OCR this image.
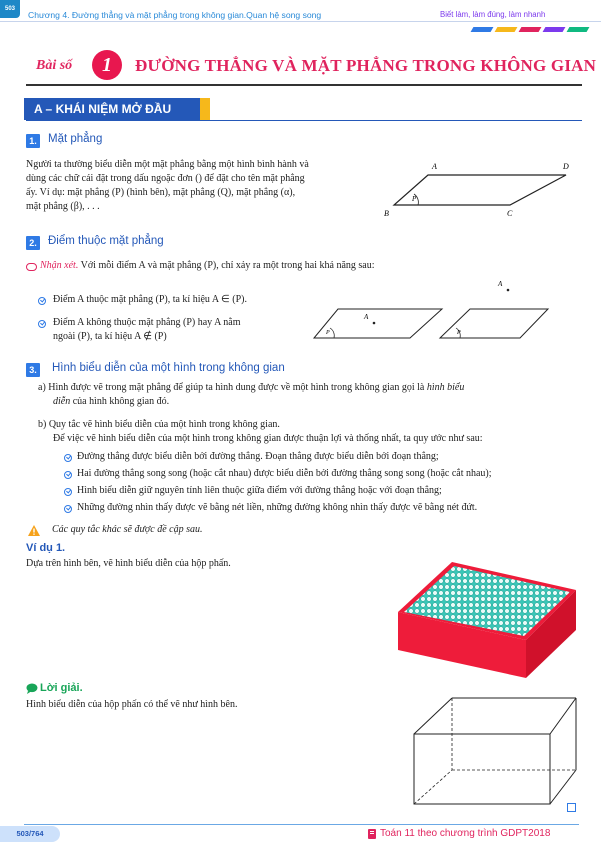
503
Chương 4. Đường thẳng và mặt phẳng trong không gian.Quan hệ song song	Biết làm, làm đúng, làm nhanh
Bài số	1	ĐƯỜNG THẲNG VÀ MẶT PHẲNG TRONG KHÔNG GIAN
A – KHÁI NIỆM MỞ ĐẦU
1. Mặt phẳng
Người ta thường biểu diễn một mặt phẳng bằng một hình bình hành và
dùng các chữ cái đặt trong dấu ngoặc đơn () để đặt cho tên mặt phẳng
ấy. Ví dụ: mặt phẳng (P) (hình bên), mặt phẳng (Q), mặt phẳng (α),
mặt phẳng (β), . . .
A	D
B	C
P
2. Điểm thuộc mặt phẳng
Nhận xét. Với mỗi điểm A và mặt phẳng (P), chỉ xảy ra một trong hai khả năng sau:
Điểm A thuộc mặt phẳng (P), ta kí hiệu A ∈ (P).
Điểm A không thuộc mặt phẳng (P) hay A nằm
ngoài (P), ta kí hiệu A ∉ (P)
A
A
P	P
3. Hình biểu diễn của một hình trong không gian
a) Hình được vẽ trong mặt phẳng để giúp ta hình dung được về một hình trong không gian gọi là hình biểu
diễn của hình không gian đó.
b) Quy tắc vẽ hình biểu diễn của một hình trong không gian.
Để việc vẽ hình biểu diễn của một hình trong không gian được thuận lợi và thống nhất, ta quy ước như sau:
Đường thẳng được biểu diễn bởi đường thẳng. Đoạn thẳng được biểu diễn bởi đoạn thẳng;
Hai đường thẳng song song (hoặc cắt nhau) được biểu diễn bởi đường thẳng song song (hoặc cắt nhau);
Hình biểu diễn giữ nguyên tính liên thuộc giữa điểm với đường thẳng hoặc với đoạn thẳng;
Những đường nhìn thấy được vẽ bằng nét liền, những đường không nhìn thấy được vẽ bằng nét đứt.
Các quy tắc khác sẽ được đề cập sau.
Ví dụ 1.
Dựa trên hình bên, vẽ hình biểu diễn của hộp phấn.
Lời giải.
Hình biểu diễn của hộp phấn có thể vẽ như hình bên.
503/764	Toán 11 theo chương trình GDPT2018
